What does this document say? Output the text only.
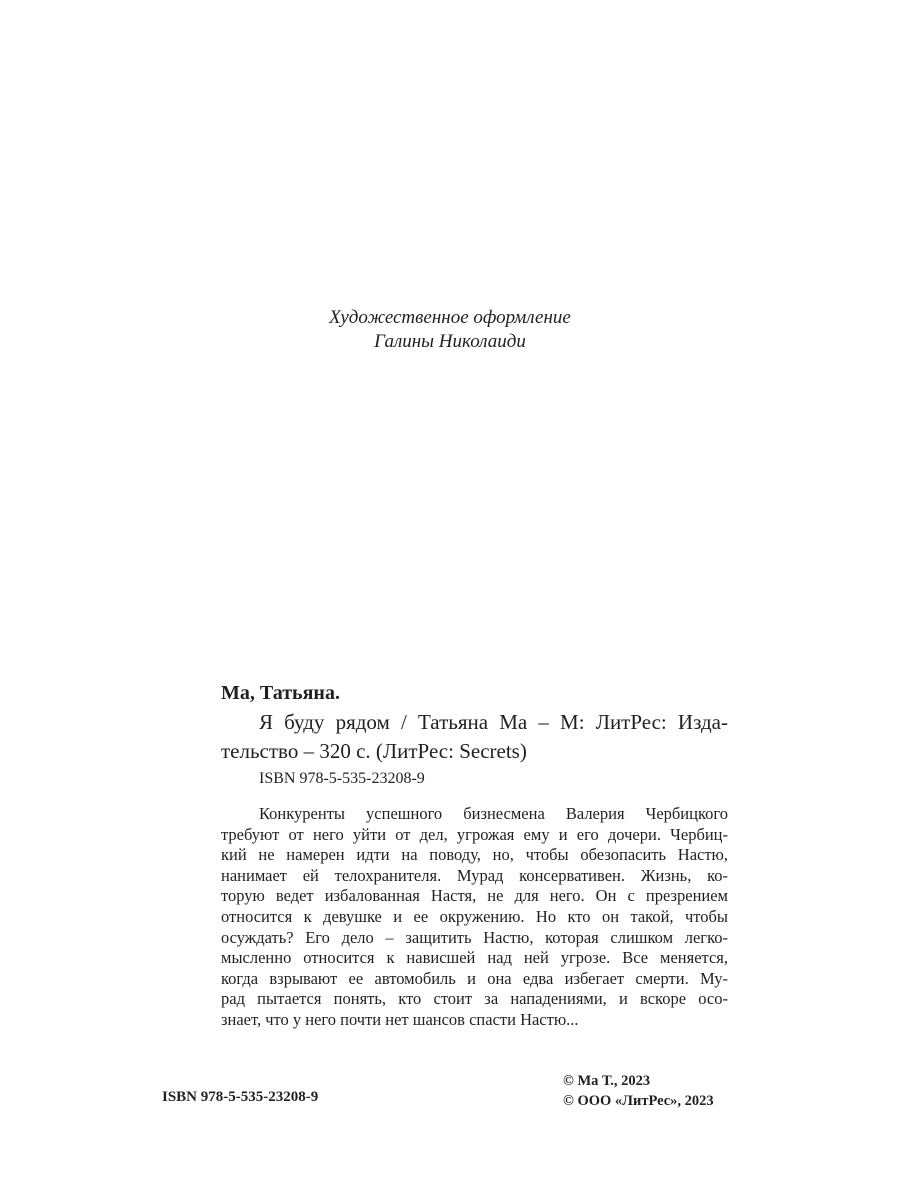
Художественное оформление
Галины Николаиди
Ма, Татьяна.
Я буду рядом / Татьяна Ма – М: ЛитРес: Изда-
тельство – 320 с. (ЛитРес: Secrets)
ISBN 978-5-535-23208-9
Конкуренты успешного бизнесмена Валерия Чербицкого
требуют от него уйти от дел, угрожая ему и его дочери. Чербиц-
кий не намерен идти на поводу, но, чтобы обезопасить Настю,
нанимает ей телохранителя. Мурад консервативен. Жизнь, ко-
торую ведет избалованная Настя, не для него. Он с презрением
относится к девушке и ее окружению. Но кто он такой, чтобы
осуждать? Его дело – защитить Настю, которая слишком легко-
мысленно относится к нависшей над ней угрозе. Все меняется,
когда взрывают ее автомобиль и она едва избегает смерти. Му-
рад пытается понять, кто стоит за нападениями, и вскоре осо-
знает, что у него почти нет шансов спасти Настю...
ISBN 978-5-535-23208-9
© Ма Т., 2023
© ООО «ЛитРес», 2023
